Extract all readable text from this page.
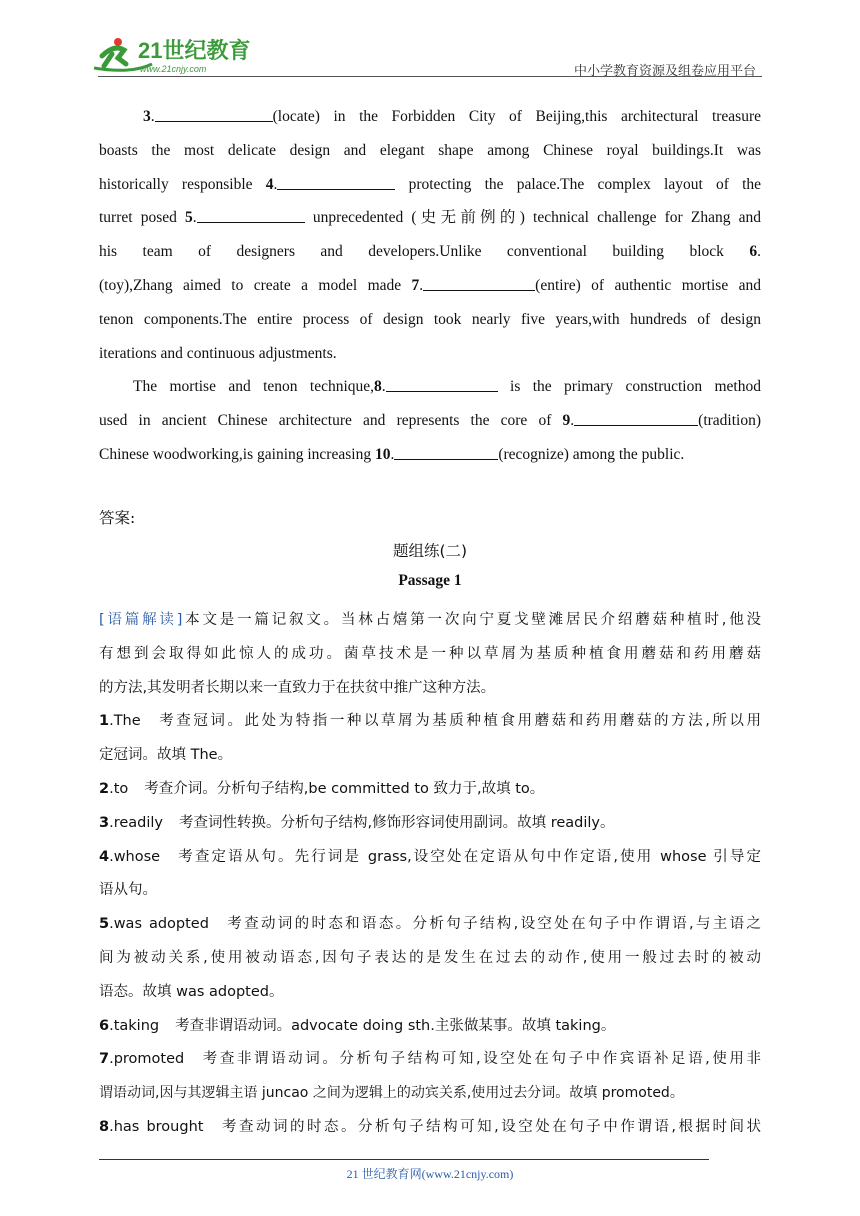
21世纪教育
www.21cnjy.com	中小学教育资源及组卷应用平台
3.	(locate) in the Forbidden City of Beijing,this architectural treasure
boasts the most delicate design and elegant shape among Chinese royal buildings.It was
historically responsible 4.	protecting the palace.The complex layout of the
turret posed 5.	unprecedented (史无前例的) technical challenge for Zhang and
his team of designers and developers.Unlike conventional building block 6.
(toy),Zhang aimed to create a model made 7.	(entire) of authentic mortise and
tenon components.The entire process of design took nearly five years,with hundreds of design
iterations and continuous adjustments.
The mortise and tenon technique,8.	is the primary construction method
used in ancient Chinese architecture and represents the core of 9.	(tradition)
Chinese woodworking,is gaining increasing 10.	(recognize) among the public.
答案:
题组练(二)
Passage 1
[语篇解读]本文是一篇记叙文。当林占熺第一次向宁夏戈壁滩居民介绍蘑菇种植时,他没
有想到会取得如此惊人的成功。菌草技术是一种以草屑为基质种植食用蘑菇和药用蘑菇
的方法,其发明者长期以来一直致力于在扶贫中推广这种方法。
1.The 考查冠词。此处为特指一种以草屑为基质种植食用蘑菇和药用蘑菇的方法,所以用
定冠词。故填 The。
2.to 考查介词。分析句子结构,be committed to 致力于,故填 to。
3.readily 考查词性转换。分析句子结构,修饰形容词使用副词。故填 readily。
4.whose 考查定语从句。先行词是 grass,设空处在定语从句中作定语,使用 whose 引导定
语从句。
5.was adopted 考查动词的时态和语态。分析句子结构,设空处在句子中作谓语,与主语之
间为被动关系,使用被动语态,因句子表达的是发生在过去的动作,使用一般过去时的被动
语态。故填 was adopted。
6.taking 考查非谓语动词。advocate doing sth.主张做某事。故填 taking。
7.promoted 考查非谓语动词。分析句子结构可知,设空处在句子中作宾语补足语,使用非
谓语动词,因与其逻辑主语 juncao 之间为逻辑上的动宾关系,使用过去分词。故填 promoted。
8.has brought 考查动词的时态。分析句子结构可知,设空处在句子中作谓语,根据时间状
21 世纪教育网(www.21cnjy.com)
